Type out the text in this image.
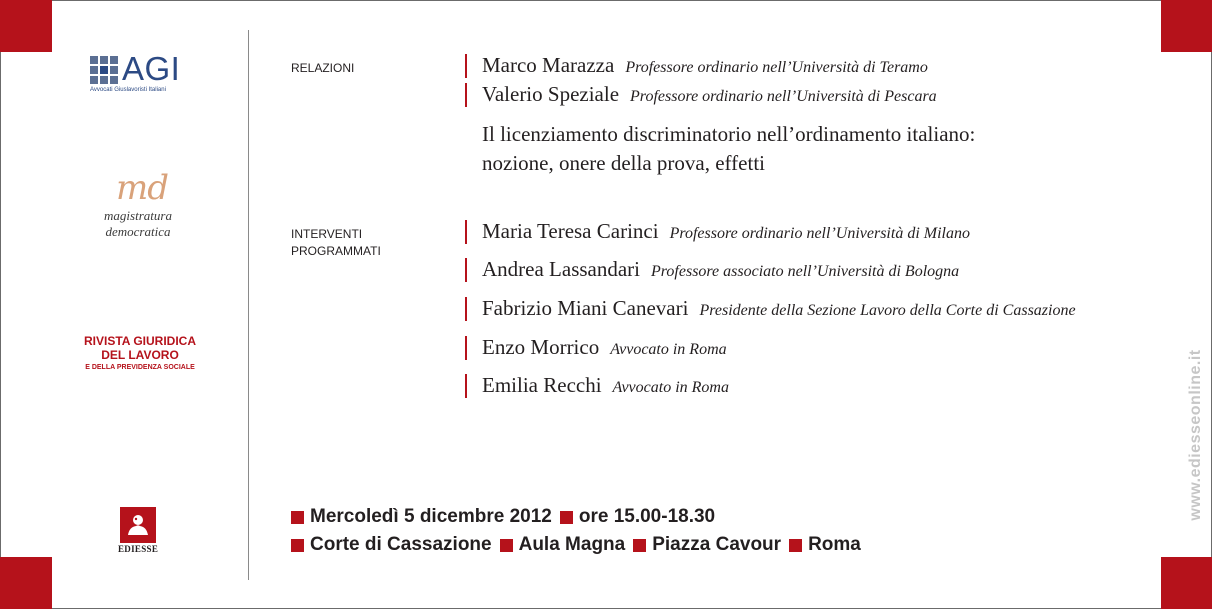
AGI
Avvocati Giuslavoristi Italiani
md
magistratura
democratica
RIVISTA GIURIDICA
DEL LAVORO
E DELLA PREVIDENZA SOCIALE
EDIESSE
RELAZIONI	Marco Marazza Professore ordinario nell’Università di Teramo
Valerio Speziale Professore ordinario nell’Università di Pescara
Il licenziamento discriminatorio nell’ordinamento italiano:
nozione, onere della prova, effetti
INTERVENTI
PROGRAMMATI
Maria Teresa Carinci Professore ordinario nell’Università di Milano
Andrea Lassandari Professore associato nell’Università di Bologna
Fabrizio Miani Canevari Presidente della Sezione Lavoro della Corte di Cassazione
Enzo Morrico Avvocato in Roma
Emilia Recchi Avvocato in Roma
Mercoledì 5 dicembre 2012 ore 15.00-18.30
Corte di Cassazione Aula Magna Piazza Cavour Roma
www.ediesseonline.it
